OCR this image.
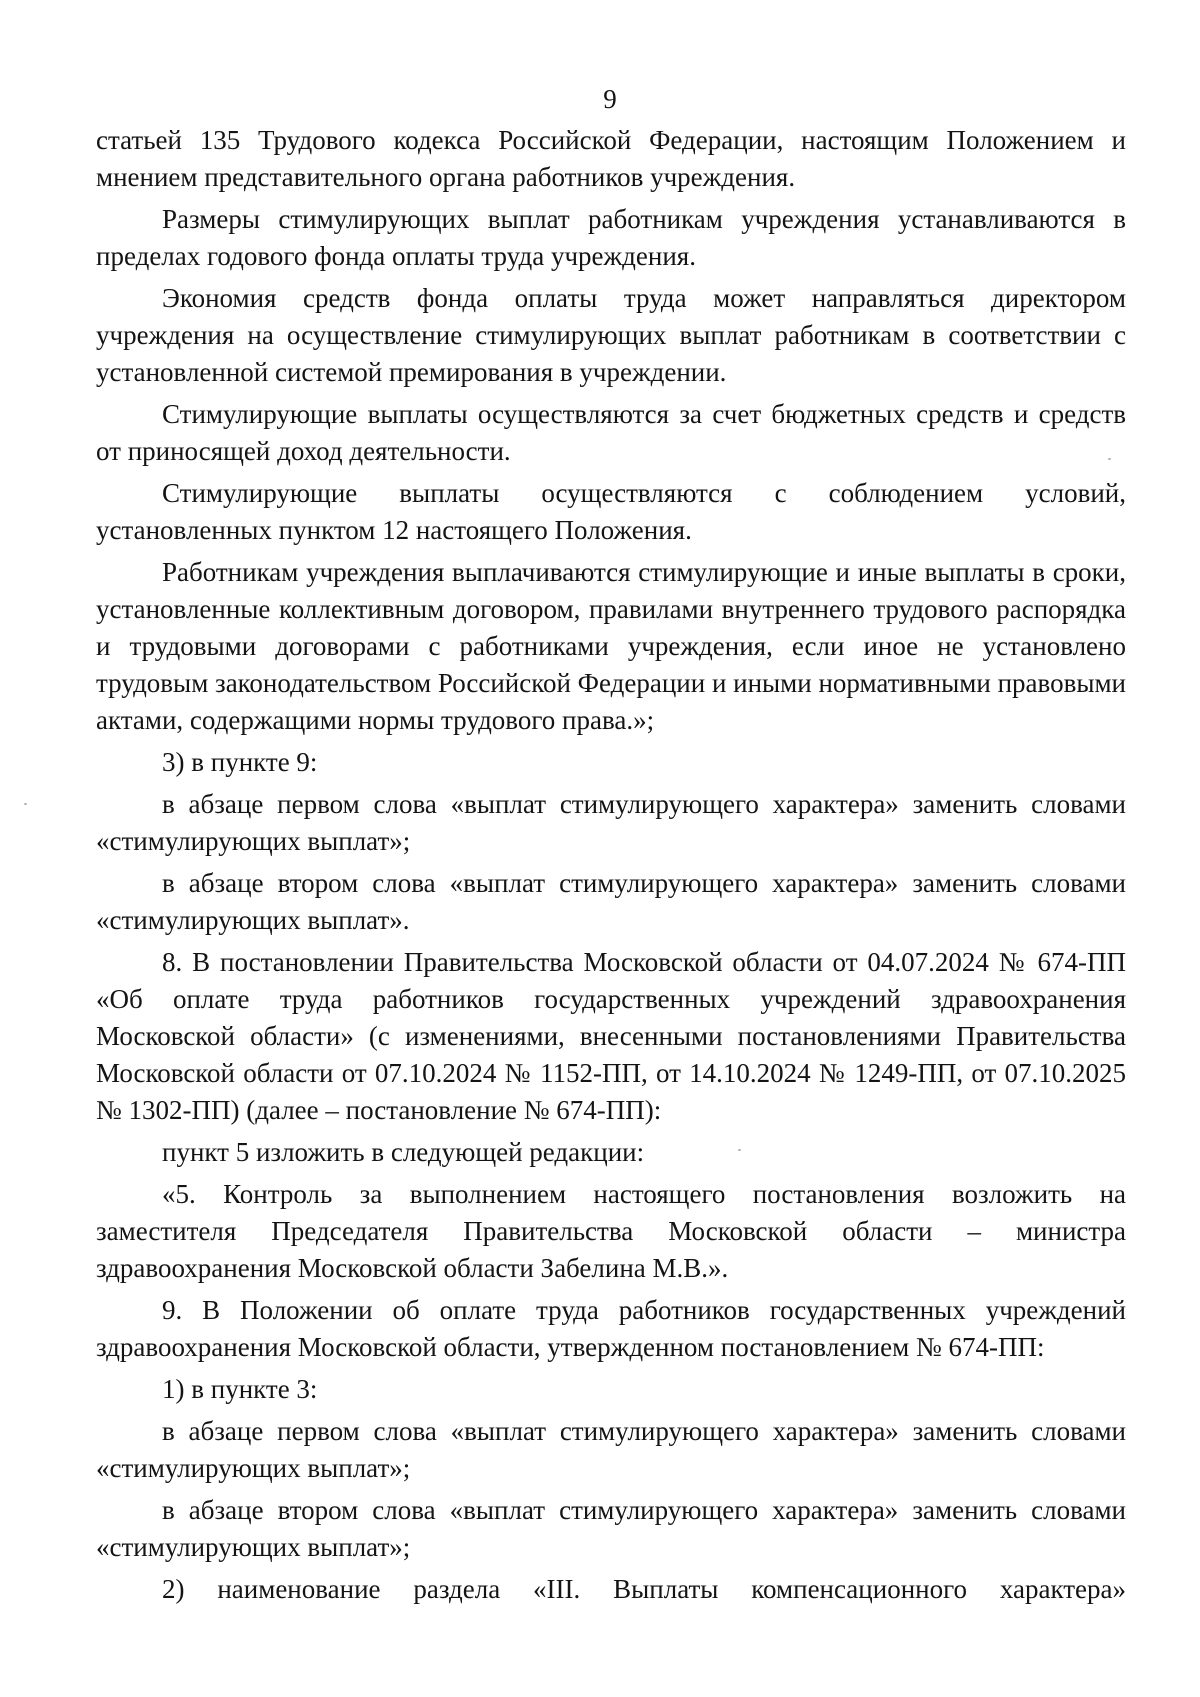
9

статьей 135 Трудового кодекса Российской Федерации, настоящим Положением и мнением представительного органа работников учреждения.

Размеры стимулирующих выплат работникам учреждения устанавливаются в пределах годового фонда оплаты труда учреждения.

Экономия средств фонда оплаты труда может направляться директором учреждения на осуществление стимулирующих выплат работникам в соответствии с установленной системой премирования в учреждении.

Стимулирующие выплаты осуществляются за счет бюджетных средств и средств от приносящей доход деятельности.

Стимулирующие выплаты осуществляются с соблюдением условий, установленных пунктом 12 настоящего Положения.

Работникам учреждения выплачиваются стимулирующие и иные выплаты в сроки, установленные коллективным договором, правилами внутреннего трудового распорядка и трудовыми договорами с работниками учреждения, если иное не установлено трудовым законодательством Российской Федерации и иными нормативными правовыми актами, содержащими нормы трудового права.»;

3) в пункте 9:

в абзаце первом слова «выплат стимулирующего характера» заменить словами «стимулирующих выплат»;

в абзаце втором слова «выплат стимулирующего характера» заменить словами «стимулирующих выплат».

8. В постановлении Правительства Московской области от 04.07.2024 № 674-ПП «Об оплате труда работников государственных учреждений здравоохранения Московской области» (с изменениями, внесенными постановлениями Правительства Московской области от 07.10.2024 № 1152-ПП, от 14.10.2024 № 1249-ПП, от 07.10.2025 № 1302-ПП) (далее – постановление № 674-ПП):

пункт 5 изложить в следующей редакции:

«5. Контроль за выполнением настоящего постановления возложить на заместителя Председателя Правительства Московской области – министра здравоохранения Московской области Забелина М.В.».

9. В Положении об оплате труда работников государственных учреждений здравоохранения Московской области, утвержденном постановлением № 674-ПП:

1) в пункте 3:

в абзаце первом слова «выплат стимулирующего характера» заменить словами «стимулирующих выплат»;

в абзаце втором слова «выплат стимулирующего характера» заменить словами «стимулирующих выплат»;

2) наименование раздела «III. Выплаты компенсационного характера»
